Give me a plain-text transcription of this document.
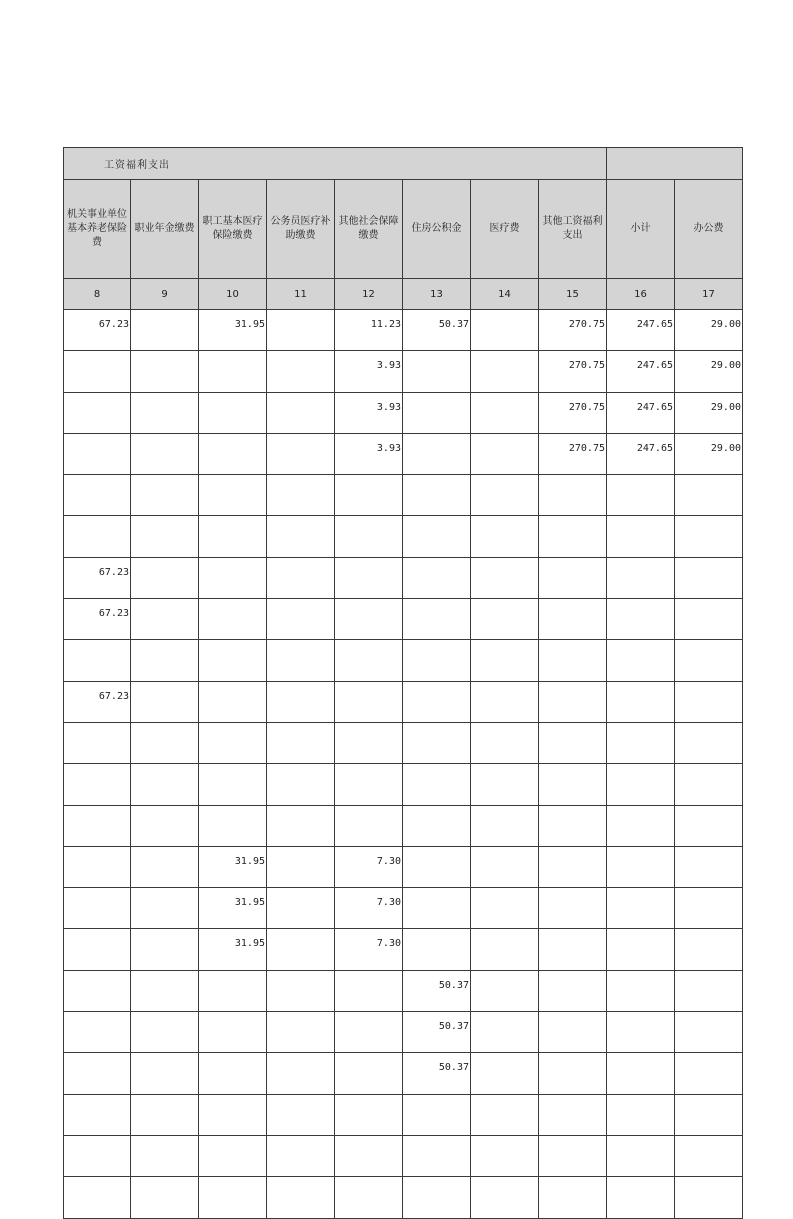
工资福利支出									
机关事业单位基本养老保险费	职业年金缴费	职工基本医疗保险缴费	公务员医疗补助缴费	其他社会保障缴费	住房公积金	医疗费	其他工资福利支出	小计	办公费
8	9	10	11	12	13	14	15	16	17
67.23		31.95		11.23	50.37		270.75	247.65	29.00
				3.93			270.75	247.65	29.00
				3.93			270.75	247.65	29.00
				3.93			270.75	247.65	29.00

67.23									
67.23									

67.23									

		31.95		7.30					
		31.95		7.30					
		31.95		7.30					
					50.37				
					50.37				
					50.37				
